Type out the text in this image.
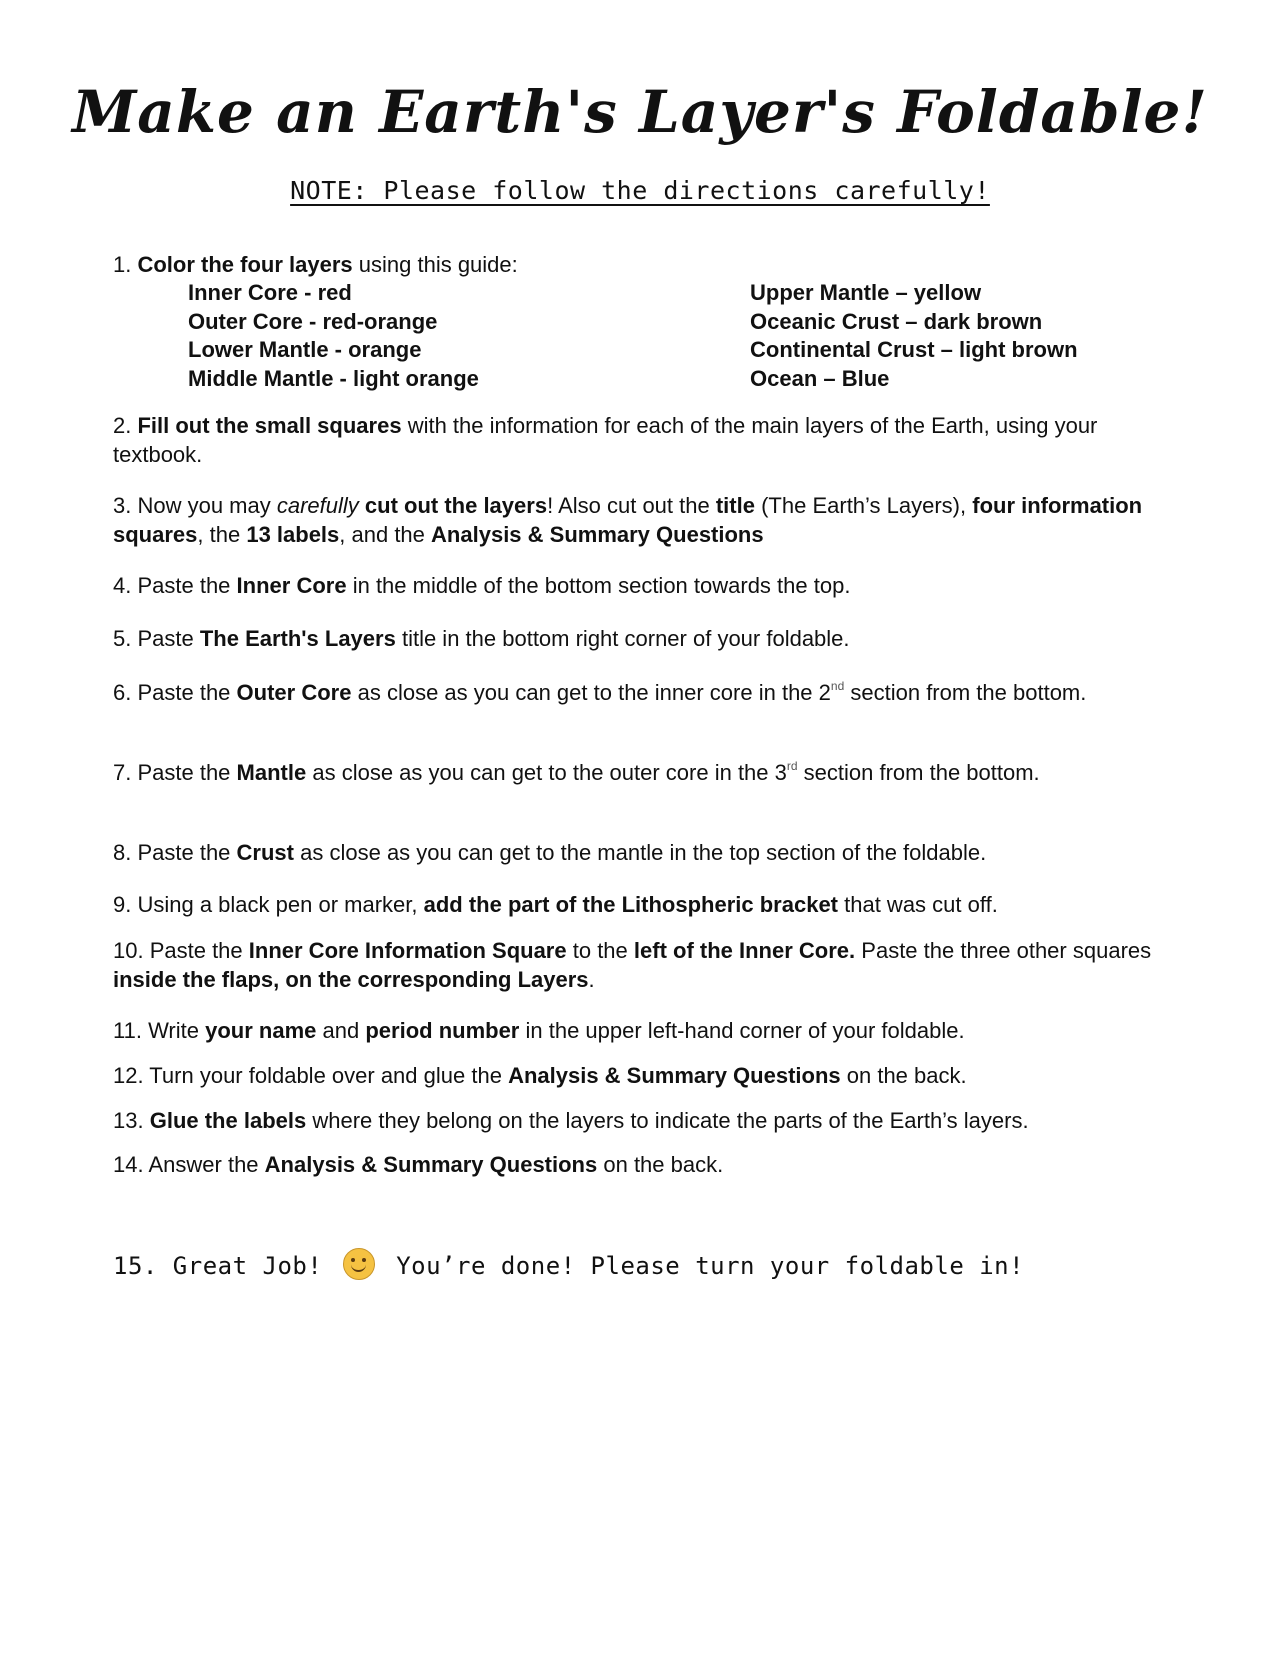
Make an Earth's Layer's Foldable!
NOTE: Please follow the directions carefully!
1. Color the four layers using this guide:
Inner Core - red
Outer Core - red-orange
Lower Mantle - orange
Middle Mantle - light orange
Upper Mantle – yellow
Oceanic Crust – dark brown
Continental Crust – light brown
Ocean – Blue
2. Fill out the small squares with the information for each of the main layers of the Earth, using your textbook.
3. Now you may carefully cut out the layers! Also cut out the title (The Earth’s Layers), four information squares, the 13 labels, and the Analysis & Summary Questions
4. Paste the Inner Core in the middle of the bottom section towards the top.
5. Paste The Earth's Layers title in the bottom right corner of your foldable.
6. Paste the Outer Core as close as you can get to the inner core in the 2nd section from the bottom.
7. Paste the Mantle as close as you can get to the outer core in the 3rd section from the bottom.
8. Paste the Crust as close as you can get to the mantle in the top section of the foldable.
9. Using a black pen or marker, add the part of the Lithospheric bracket that was cut off.
10. Paste the Inner Core Information Square to the left of the Inner Core. Paste the three other squares inside the flaps, on the corresponding Layers.
11. Write your name and period number in the upper left-hand corner of your foldable.
12. Turn your foldable over and glue the Analysis & Summary Questions on the back.
13. Glue the labels where they belong on the layers to indicate the parts of the Earth’s layers.
14. Answer the Analysis & Summary Questions on the back.
15. Great Job!	You’re done! Please turn your foldable in!
